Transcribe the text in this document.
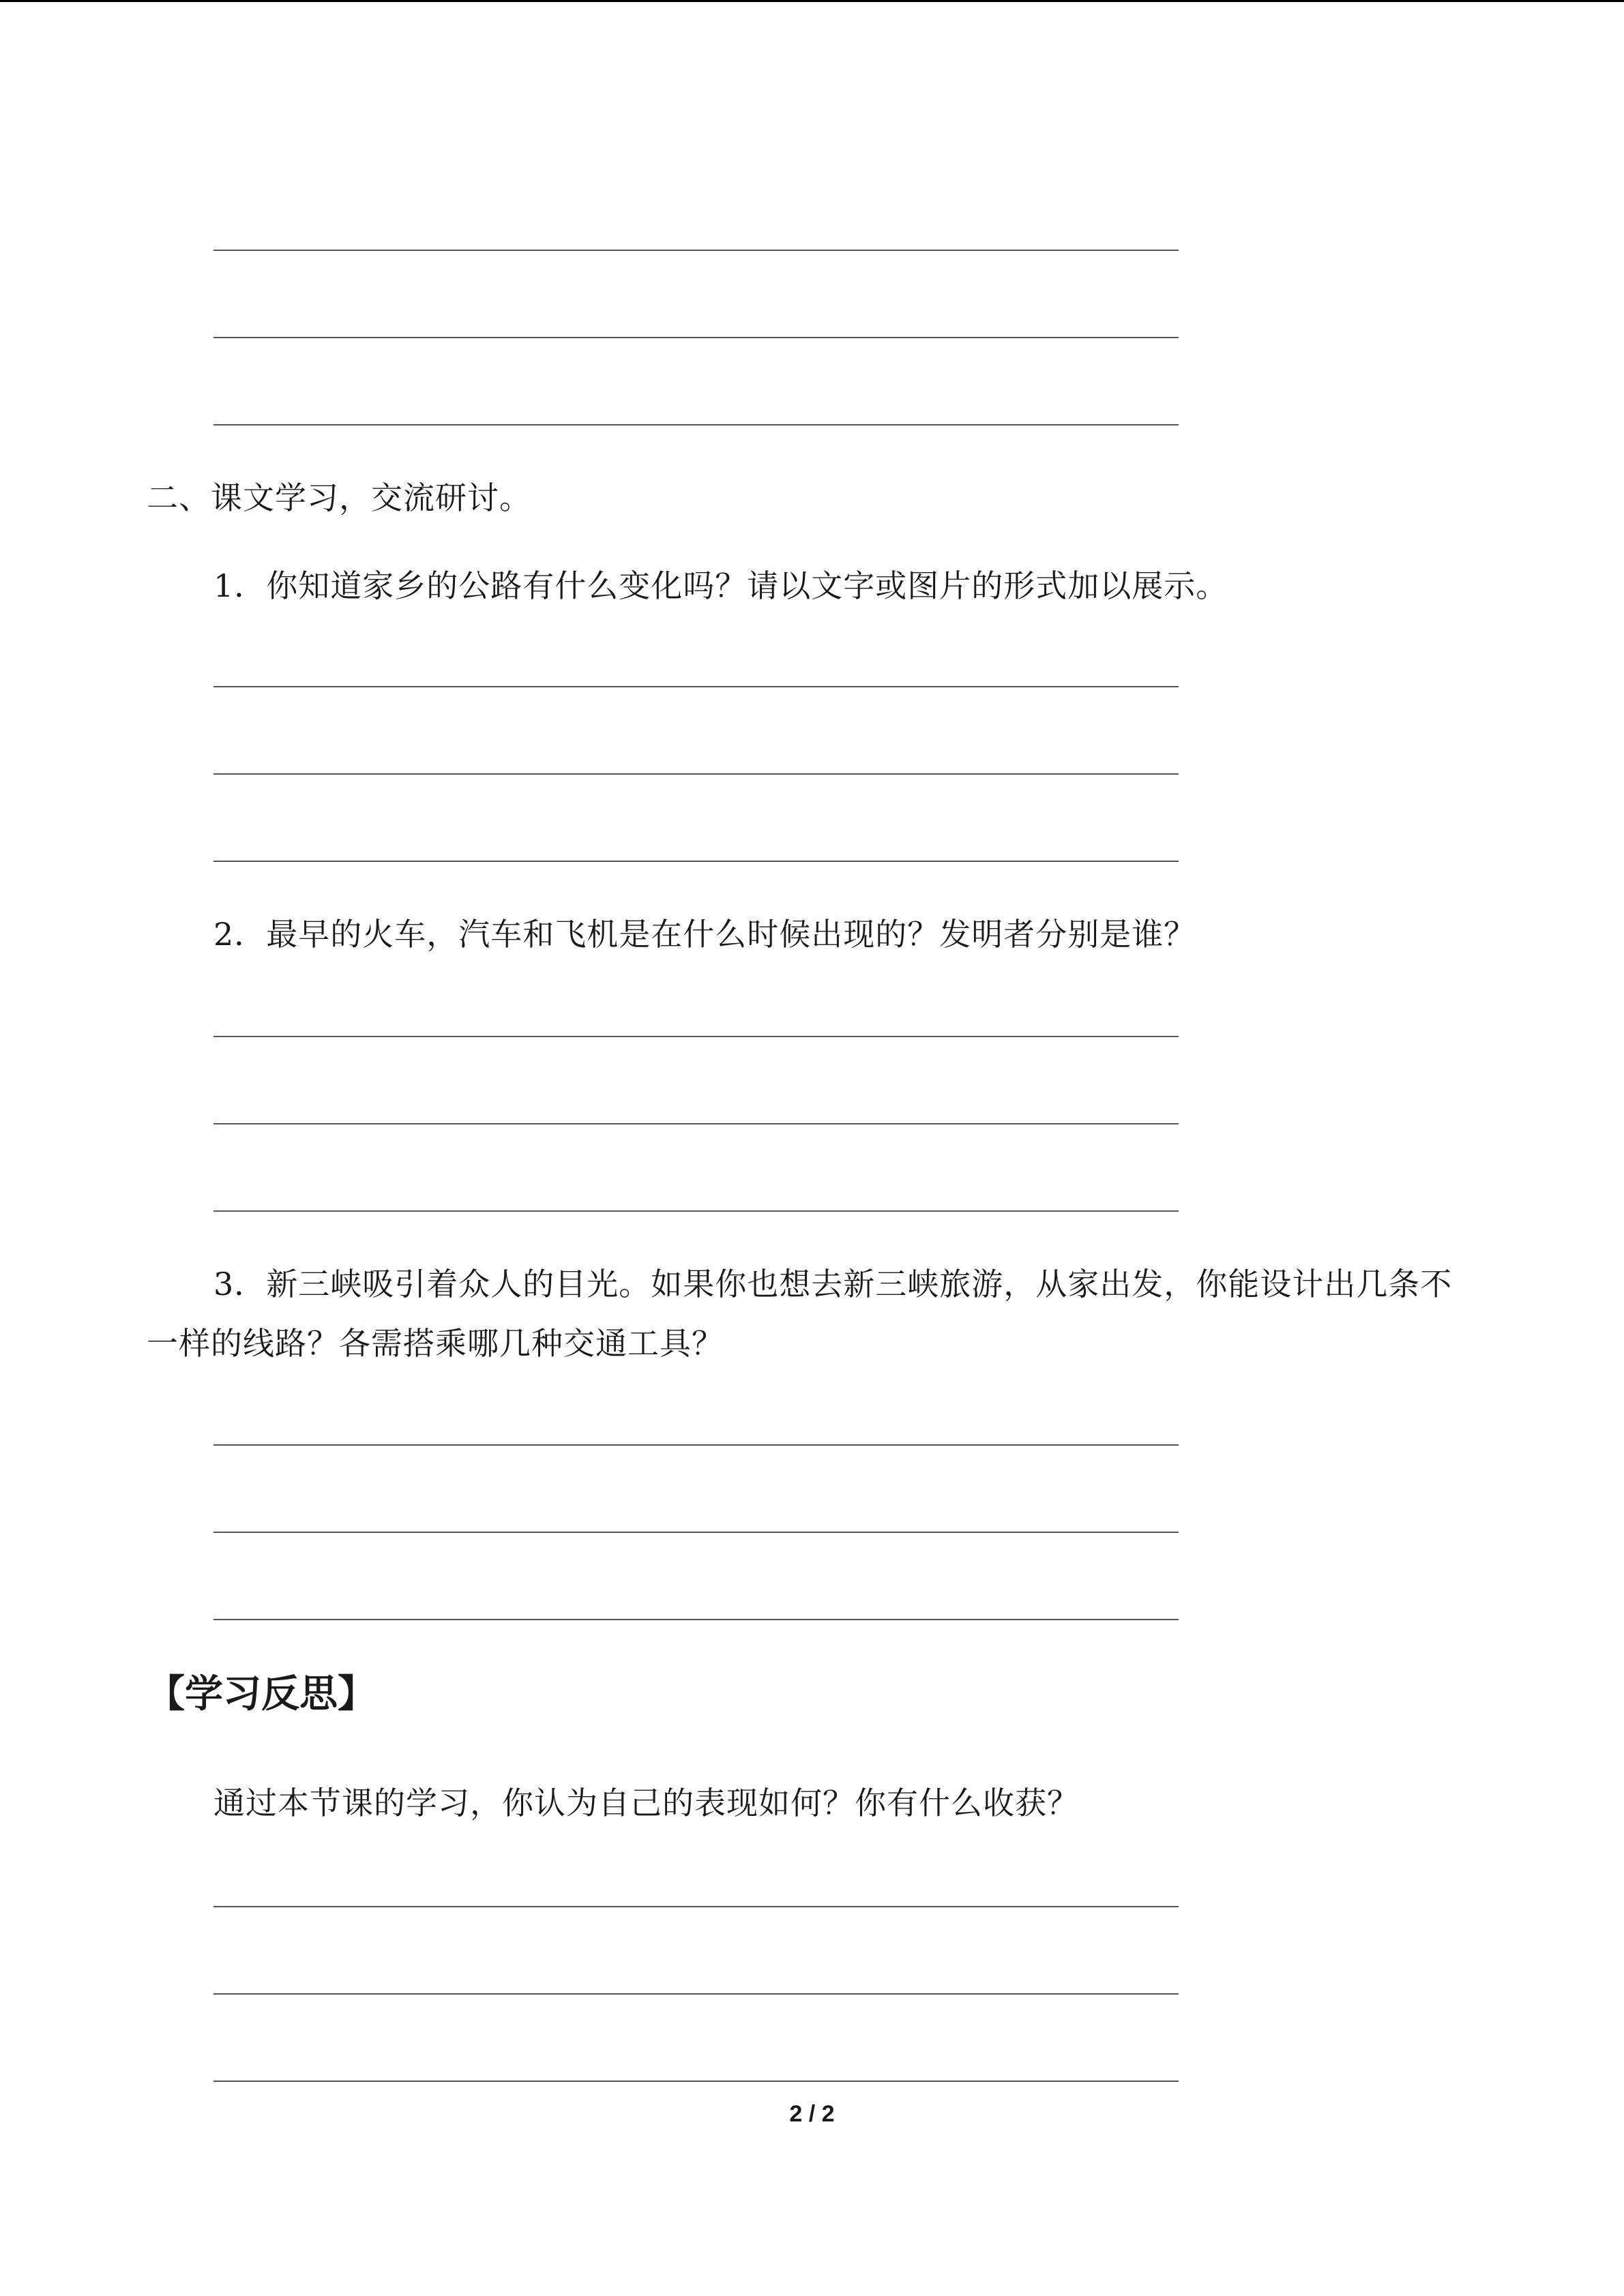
二、课文学习，交流研讨。
1．你知道家乡的公路有什么变化吗？请以文字或图片的形式加以展示。
2．最早的火车，汽车和飞机是在什么时候出现的？发明者分别是谁？
3．新三峡吸引着众人的目光。如果你也想去新三峡旅游，从家出发，你能设计出几条不
一样的线路？各需搭乘哪几种交通工具？
【学习反思】
通过本节课的学习，你认为自己的表现如何？你有什么收获？
2 / 2
